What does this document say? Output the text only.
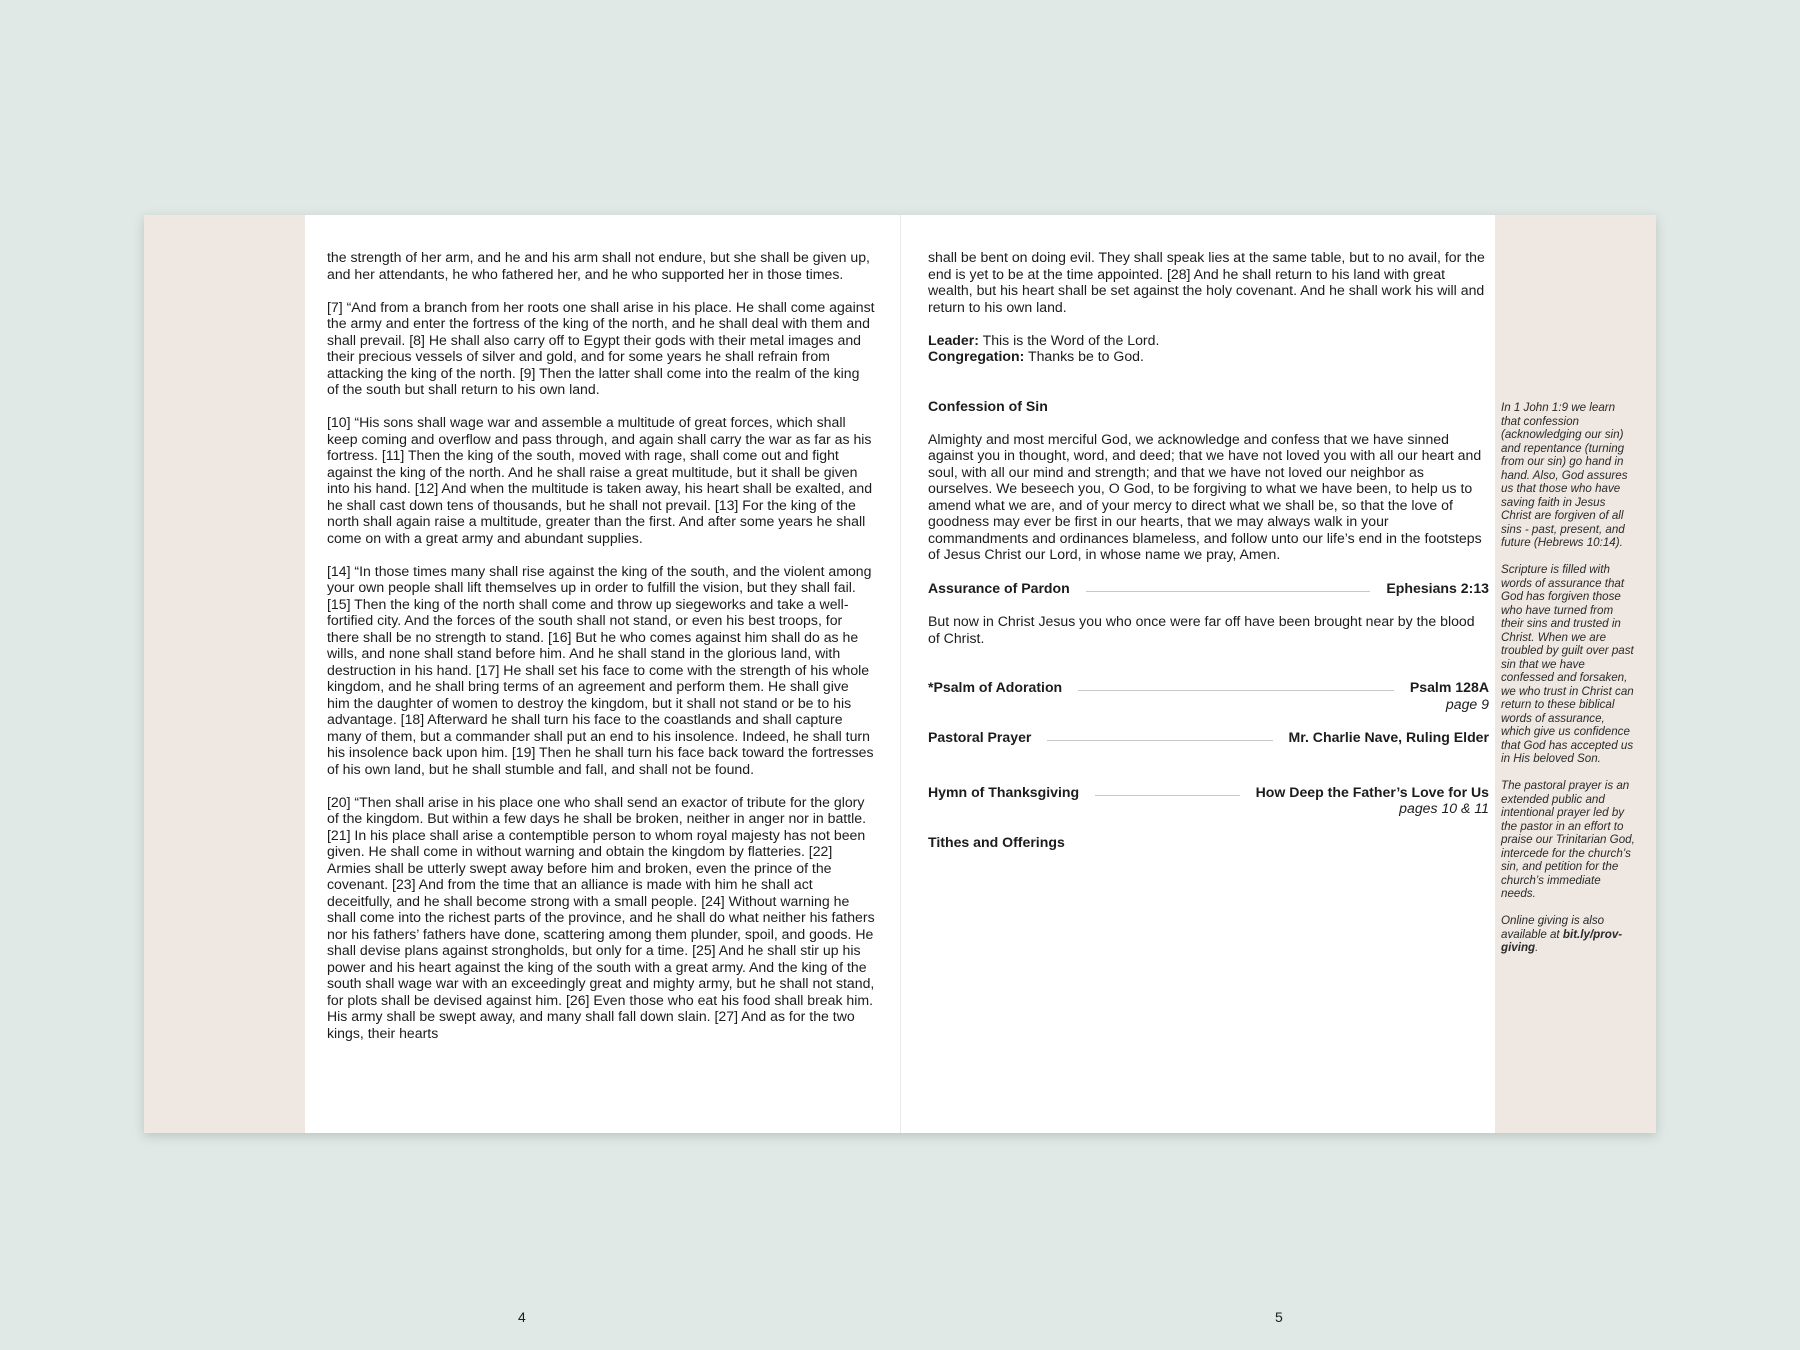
the strength of her arm, and he and his arm shall not endure, but she shall be given up, and her attendants, he who fathered her, and he who supported her in those times.

[7] “And from a branch from her roots one shall arise in his place. He shall come against the army and enter the fortress of the king of the north, and he shall deal with them and shall prevail. [8] He shall also carry off to Egypt their gods with their metal images and their precious vessels of silver and gold, and for some years he shall refrain from attacking the king of the north. [9] Then the latter shall come into the realm of the king of the south but shall return to his own land.

[10] “His sons shall wage war and assemble a multitude of great forces, which shall keep coming and overflow and pass through, and again shall carry the war as far as his fortress. [11] Then the king of the south, moved with rage, shall come out and fight against the king of the north. And he shall raise a great multitude, but it shall be given into his hand. [12] And when the multitude is taken away, his heart shall be exalted, and he shall cast down tens of thousands, but he shall not prevail. [13] For the king of the north shall again raise a multitude, greater than the first. And after some years he shall come on with a great army and abundant supplies.

[14] “In those times many shall rise against the king of the south, and the violent among your own people shall lift themselves up in order to fulfill the vision, but they shall fail. [15] Then the king of the north shall come and throw up siegeworks and take a well-fortified city. And the forces of the south shall not stand, or even his best troops, for there shall be no strength to stand. [16] But he who comes against him shall do as he wills, and none shall stand before him. And he shall stand in the glorious land, with destruction in his hand. [17] He shall set his face to come with the strength of his whole kingdom, and he shall bring terms of an agreement and perform them. He shall give him the daughter of women to destroy the kingdom, but it shall not stand or be to his advantage. [18] Afterward he shall turn his face to the coastlands and shall capture many of them, but a commander shall put an end to his insolence. Indeed, he shall turn his insolence back upon him. [19] Then he shall turn his face back toward the fortresses of his own land, but he shall stumble and fall, and shall not be found.

[20] “Then shall arise in his place one who shall send an exactor of tribute for the glory of the kingdom. But within a few days he shall be broken, neither in anger nor in battle. [21] In his place shall arise a contemptible person to whom royal majesty has not been given. He shall come in without warning and obtain the kingdom by flatteries. [22] Armies shall be utterly swept away before him and broken, even the prince of the covenant. [23] And from the time that an alliance is made with him he shall act deceitfully, and he shall become strong with a small people. [24] Without warning he shall come into the richest parts of the province, and he shall do what neither his fathers nor his fathers’ fathers have done, scattering among them plunder, spoil, and goods. He shall devise plans against strongholds, but only for a time. [25] And he shall stir up his power and his heart against the king of the south with a great army. And the king of the south shall wage war with an exceedingly great and mighty army, but he shall not stand, for plots shall be devised against him. [26] Even those who eat his food shall break him. His army shall be swept away, and many shall fall down slain. [27] And as for the two kings, their hearts

4

shall be bent on doing evil. They shall speak lies at the same table, but to no avail, for the end is yet to be at the time appointed. [28] And he shall return to his land with great wealth, but his heart shall be set against the holy covenant. And he shall work his will and return to his own land.

Leader: This is the Word of the Lord.

Congregation: Thanks be to God.

Confession of Sin

Almighty and most merciful God, we acknowledge and confess that we have sinned against you in thought, word, and deed; that we have not loved you with all our heart and soul, with all our mind and strength; and that we have not loved our neighbor as ourselves. We beseech you, O God, to be forgiving to what we have been, to help us to amend what we are, and of your mercy to direct what we shall be, so that the love of goodness may ever be first in our hearts, that we may always walk in your commandments and ordinances blameless, and follow unto our life’s end in the footsteps of Jesus Christ our Lord, in whose name we pray, Amen.

Assurance of Pardon	Ephesians 2:13

But now in Christ Jesus you who once were far off have been brought near by the blood of Christ.

*Psalm of Adoration	Psalm 128A
page 9
Pastoral Prayer	Mr. Charlie Nave, Ruling Elder
Hymn of Thanksgiving	How Deep the Father’s Love for Us
pages 10 & 11
Tithes and Offerings
5

In 1 John 1:9 we learn that confession (acknowledging our sin) and repentance (turning from our sin) go hand in hand. Also, God assures us that those who have saving faith in Jesus Christ are forgiven of all sins - past, present, and future (Hebrews 10:14).

Scripture is filled with words of assurance that God has forgiven those who have turned from their sins and trusted in Christ. When we are troubled by guilt over past sin that we have confessed and forsaken, we who trust in Christ can return to these biblical words of assurance, which give us confidence that God has accepted us in His beloved Son.

The pastoral prayer is an extended public and intentional prayer led by the pastor in an effort to praise our Trinitarian God, intercede for the church’s sin, and petition for the church’s immediate needs.

Online giving is also available at bit.ly/prov-giving.
